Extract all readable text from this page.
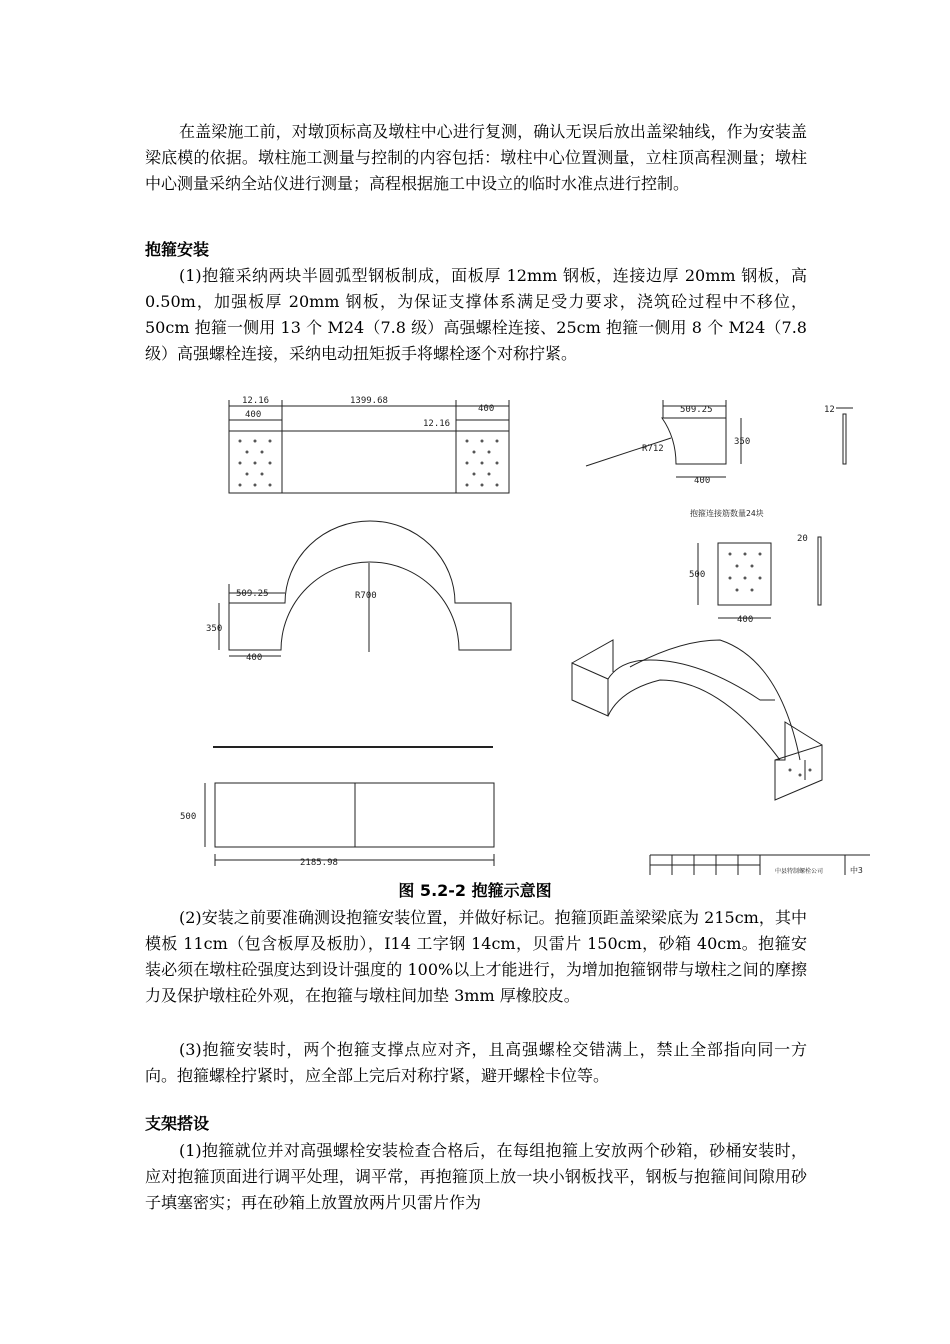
在盖梁施工前，对墩顶标高及墩柱中心进行复测，确认无误后放出盖梁轴线，作为安装盖梁底模的依据。墩柱施工测量与控制的内容包括：墩柱中心位置测量，立柱顶高程测量；墩柱中心测量采纳全站仪进行测量；高程根据施工中设立的临时水准点进行控制。

抱箍安装

(1)抱箍采纳两块半圆弧型钢板制成，面板厚 12mm 钢板，连接边厚 20mm 钢板，高 0.50m，加强板厚 20mm 钢板，为保证支撑体系满足受力要求，浇筑砼过程中不移位，50cm 抱箍一侧用 13 个 M24（7.8 级）高强螺栓连接、25cm 抱箍一侧用 8 个 M24（7.8 级）高强螺栓连接，采纳电动扭矩扳手将螺栓逐个对称拧紧。

12.16
400
1399.68
12.16
400	509.25
R712
350
400
12
抱箍连接筋数量24块
509.25	R700
350
400
500
400
20
500
2185.98
中县特制螺栓公司	中3
图 5.2-2 抱箍示意图

(2)安装之前要准确测设抱箍安装位置，并做好标记。抱箍顶距盖梁梁底为 215cm，其中模板 11cm（包含板厚及板肋），I14 工字钢 14cm，贝雷片 150cm，砂箱 40cm。抱箍安装必须在墩柱砼强度达到设计强度的 100%以上才能进行，为增加抱箍钢带与墩柱之间的摩擦力及保护墩柱砼外观，在抱箍与墩柱间加垫 3mm 厚橡胶皮。

(3)抱箍安装时，两个抱箍支撑点应对齐，且高强螺栓交错满上，禁止全部指向同一方向。抱箍螺栓拧紧时，应全部上完后对称拧紧，避开螺栓卡位等。

支架搭设

(1)抱箍就位并对高强螺栓安装检查合格后，在每组抱箍上安放两个砂箱，砂桶安装时，应对抱箍顶面进行调平处理，调平常，再抱箍顶上放一块小钢板找平，钢板与抱箍间间隙用砂子填塞密实；再在砂箱上放置放两片贝雷片作为
